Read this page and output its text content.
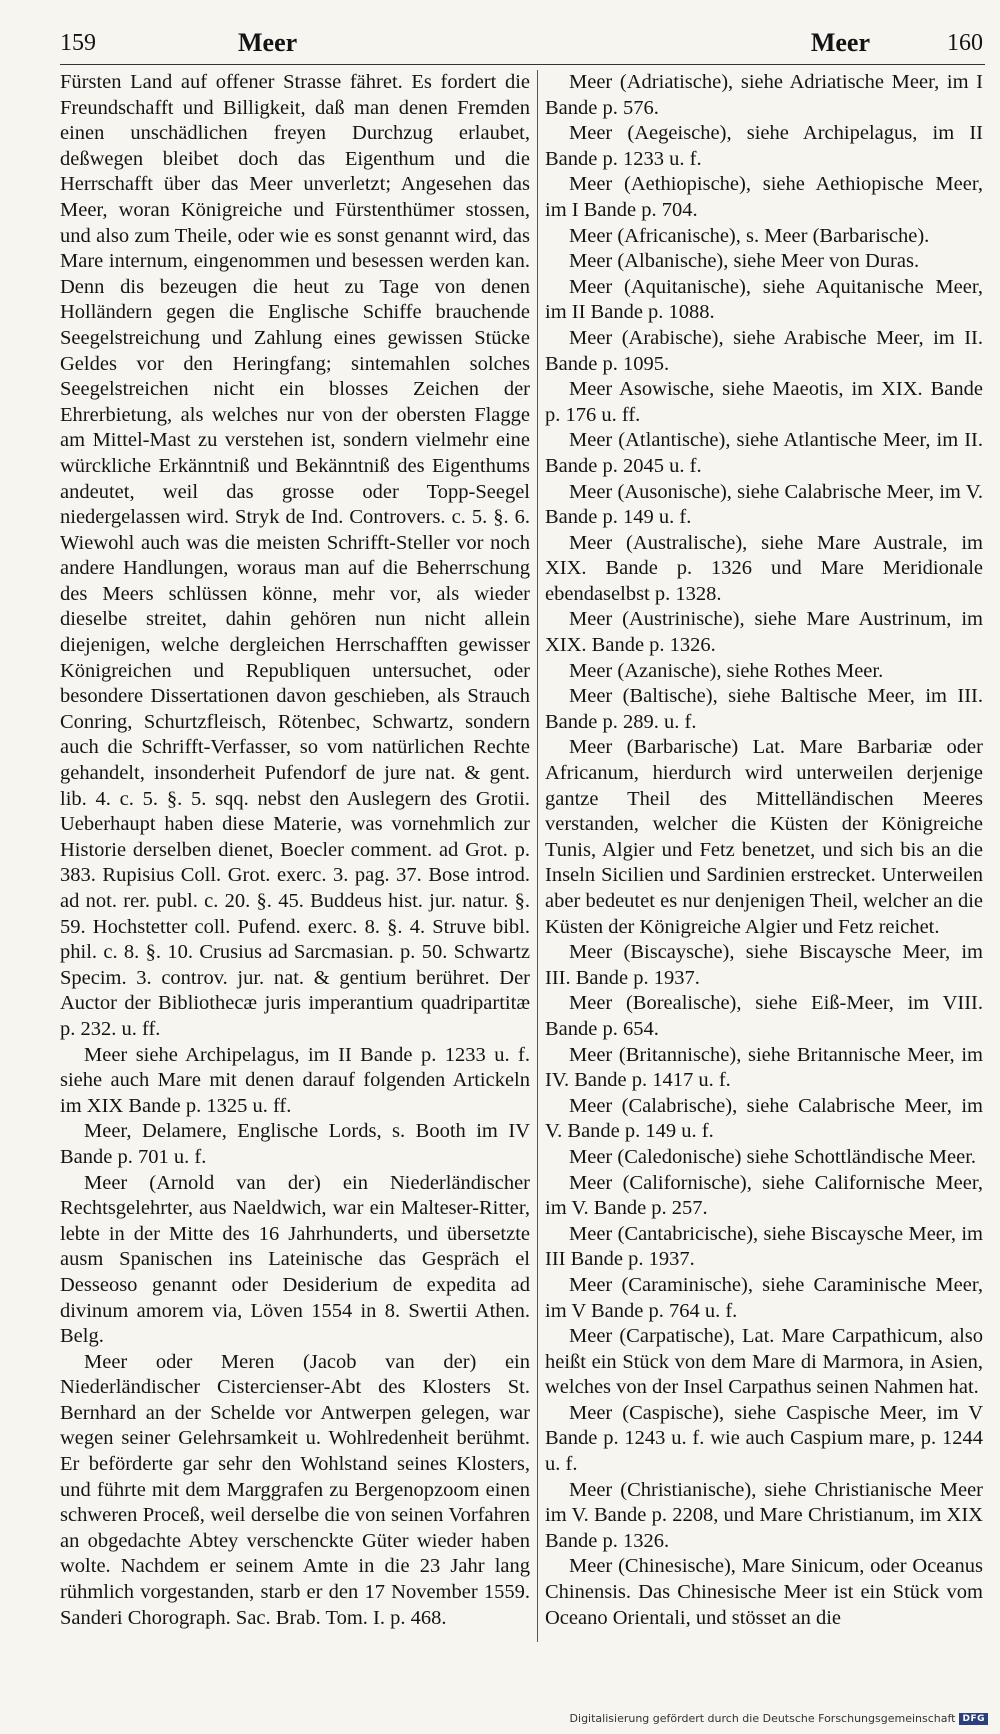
159	Meer	Meer	160

Fürsten Land auf offener Strasse fähret. Es fordert die Freundschafft und Billigkeit, daß man denen Fremden einen unschädlichen freyen Durchzug erlaubet, deßwegen bleibet doch das Eigenthum und die Herrschafft über das Meer unverletzt; Angesehen das Meer, woran Königreiche und Fürstenthümer stossen, und also zum Theile, oder wie es sonst genannt wird, das Mare internum, eingenommen und besessen werden kan. Denn dis bezeugen die heut zu Tage von denen Holländern gegen die Englische Schiffe brauchende Seegelstreichung und Zahlung eines gewissen Stücke Geldes vor den Heringfang; sintemahlen solches Seegelstreichen nicht ein blosses Zeichen der Ehrerbietung, als welches nur von der obersten Flagge am Mittel-Mast zu verstehen ist, sondern vielmehr eine würckliche Erkänntniß und Bekänntniß des Eigenthums andeutet, weil das grosse oder Topp-Seegel niedergelassen wird. Stryk de Ind. Controvers. c. 5. §. 6. Wiewohl auch was die meisten Schrifft-Steller vor noch andere Handlungen, woraus man auf die Beherrschung des Meers schlüssen könne, mehr vor, als wieder dieselbe streitet, dahin gehören nun nicht allein diejenigen, welche dergleichen Herrschafften gewisser Königreichen und Republiquen untersuchet, oder besondere Dissertationen davon geschieben, als Strauch Conring, Schurtzfleisch, Rötenbec, Schwartz, sondern auch die Schrifft-Verfasser, so vom natürlichen Rechte gehandelt, insonderheit Pufendorf de jure nat. & gent. lib. 4. c. 5. §. 5. sqq. nebst den Auslegern des Grotii. Ueberhaupt haben diese Materie, was vornehmlich zur Historie derselben dienet, Boecler comment. ad Grot. p. 383. Rupisius Coll. Grot. exerc. 3. pag. 37. Bose introd. ad not. rer. publ. c. 20. §. 45. Buddeus hist. jur. natur. §. 59. Hochstetter coll. Pufend. exerc. 8. §. 4. Struve bibl. phil. c. 8. §. 10. Crusius ad Sarcmasian. p. 50. Schwartz Specim. 3. controv. jur. nat. & gentium berühret. Der Auctor der Bibliothecæ juris imperantium quadripartitæ p. 232. u. ff.

Meer siehe Archipelagus, im II Bande p. 1233 u. f. siehe auch Mare mit denen darauf folgenden Artickeln im XIX Bande p. 1325 u. ff.

Meer, Delamere, Englische Lords, s. Booth im IV Bande p. 701 u. f.

Meer (Arnold van der) ein Niederländischer Rechtsgelehrter, aus Naeldwich, war ein Malteser-Ritter, lebte in der Mitte des 16 Jahrhunderts, und übersetzte ausm Spanischen ins Lateinische das Gespräch el Desseoso genannt oder Desiderium de expedita ad divinum amorem via, Löven 1554 in 8. Swertii Athen. Belg.

Meer oder Meren (Jacob van der) ein Niederländischer Cistercienser-Abt des Klosters St. Bernhard an der Schelde vor Antwerpen gelegen, war wegen seiner Gelehrsamkeit u. Wohlredenheit berühmt. Er beförderte gar sehr den Wohlstand seines Klosters, und führte mit dem Marggrafen zu Bergenopzoom einen schweren Proceß, weil derselbe die von seinen Vorfahren an obgedachte Abtey verschenckte Güter wieder haben wolte. Nachdem er seinem Amte in die 23 Jahr lang rühmlich vorgestanden, starb er den 17 November 1559. Sanderi Chorograph. Sac. Brab. Tom. I. p. 468.

Meer (Adriatische), siehe Adriatische Meer, im I Bande p. 576.

Meer (Aegeische), siehe Archipelagus, im II Bande p. 1233 u. f.

Meer (Aethiopische), siehe Aethiopische Meer, im I Bande p. 704.

Meer (Africanische), s. Meer (Barbarische).

Meer (Albanische), siehe Meer von Duras.

Meer (Aquitanische), siehe Aquitanische Meer, im II Bande p. 1088.

Meer (Arabische), siehe Arabische Meer, im II. Bande p. 1095.

Meer Asowische, siehe Maeotis, im XIX. Bande p. 176 u. ff.

Meer (Atlantische), siehe Atlantische Meer, im II. Bande p. 2045 u. f.

Meer (Ausonische), siehe Calabrische Meer, im V. Bande p. 149 u. f.

Meer (Australische), siehe Mare Australe, im XIX. Bande p. 1326 und Mare Meridionale ebendaselbst p. 1328.

Meer (Austrinische), siehe Mare Austrinum, im XIX. Bande p. 1326.

Meer (Azanische), siehe Rothes Meer.

Meer (Baltische), siehe Baltische Meer, im III. Bande p. 289. u. f.

Meer (Barbarische) Lat. Mare Barbariæ oder Africanum, hierdurch wird unterweilen derjenige gantze Theil des Mittelländischen Meeres verstanden, welcher die Küsten der Königreiche Tunis, Algier und Fetz benetzet, und sich bis an die Inseln Sicilien und Sardinien erstrecket. Unterweilen aber bedeutet es nur denjenigen Theil, welcher an die Küsten der Königreiche Algier und Fetz reichet.

Meer (Biscaysche), siehe Biscaysche Meer, im III. Bande p. 1937.

Meer (Borealische), siehe Eiß-Meer, im VIII. Bande p. 654.

Meer (Britannische), siehe Britannische Meer, im IV. Bande p. 1417 u. f.

Meer (Calabrische), siehe Calabrische Meer, im V. Bande p. 149 u. f.

Meer (Caledonische) siehe Schottländische Meer.

Meer (Californische), siehe Californische Meer, im V. Bande p. 257.

Meer (Cantabricische), siehe Biscaysche Meer, im III Bande p. 1937.

Meer (Caraminische), siehe Caraminische Meer, im V Bande p. 764 u. f.

Meer (Carpatische), Lat. Mare Carpathicum, also heißt ein Stück von dem Mare di Marmora, in Asien, welches von der Insel Carpathus seinen Nahmen hat.

Meer (Caspische), siehe Caspische Meer, im V Bande p. 1243 u. f. wie auch Caspium mare, p. 1244 u. f.

Meer (Christianische), siehe Christianische Meer im V. Bande p. 2208, und Mare Christianum, im XIX Bande p. 1326.

Meer (Chinesische), Mare Sinicum, oder Oceanus Chinensis. Das Chinesische Meer ist ein Stück vom Oceano Orientali, und stösset an die

Digitalisierung gefördert durch die Deutsche Forschungsgemeinschaft DFG
